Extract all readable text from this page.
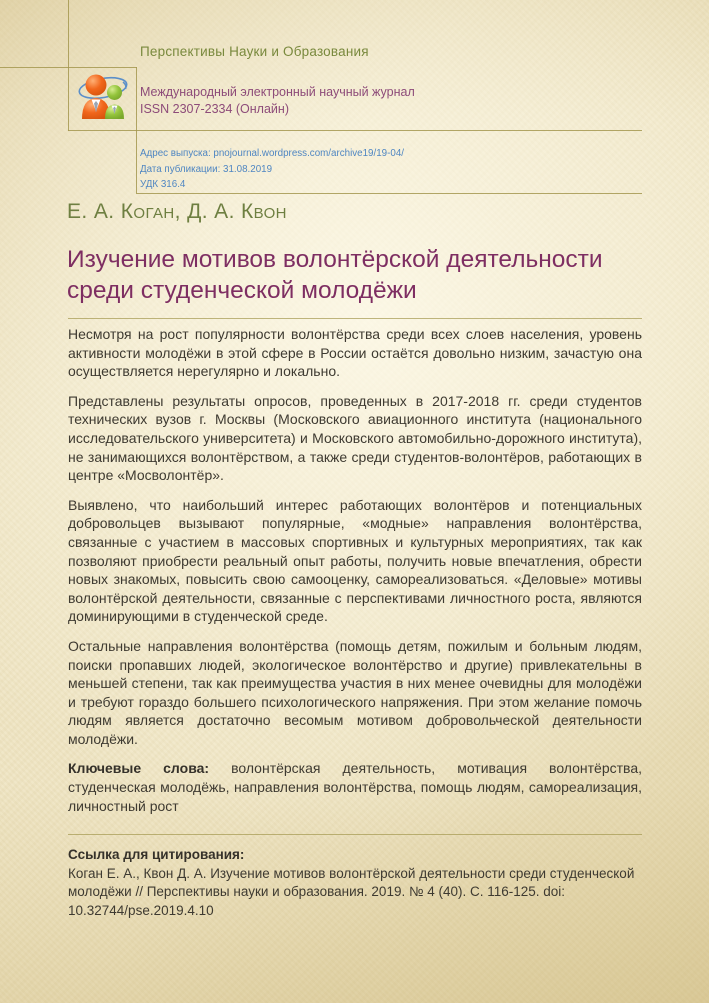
Перспективы Науки и Образования
Международный электронный научный журнал
ISSN 2307-2334 (Онлайн)
Адрес выпуска: pnojournal.wordpress.com/archive19/19-04/
Дата публикации: 31.08.2019
УДК 316.4
Е. А. Коган, Д. А. Квон
Изучение мотивов волонтёрской деятельности среди студенческой молодёжи

Несмотря на рост популярности волонтёрства среди всех слоев населения, уровень активности молодёжи в этой сфере в России остаётся довольно низким, зачастую она осуществляется нерегулярно и локально.

Представлены результаты опросов, проведенных в 2017-2018 гг. среди студентов технических вузов г. Москвы (Московского авиационного института (национального исследовательского университета) и Московского автомобильно-дорожного института), не занимающихся волонтёрством, а также среди студентов-волонтёров, работающих в центре «Мосволонтёр».

Выявлено, что наибольший интерес работающих волонтёров и потенциальных добровольцев вызывают популярные, «модные» направления волонтёрства, связанные с участием в массовых спортивных и культурных мероприятиях, так как позволяют приобрести реальный опыт работы, получить новые впечатления, обрести новых знакомых, повысить свою самооценку, самореализоваться. «Деловые» мотивы волонтёрской деятельности, связанные с перспективами личностного роста, являются доминирующими в студенческой среде.

Остальные направления волонтёрства (помощь детям, пожилым и больным людям, поиски пропавших людей, экологическое волонтёрство и другие) привлекательны в меньшей степени, так как преимущества участия в них менее очевидны для молодёжи и требуют гораздо большего психологического напряжения. При этом желание помочь людям является достаточно весомым мотивом добровольческой деятельности молодёжи.

Ключевые слова: волонтёрская деятельность, мотивация волонтёрства, студенческая молодёжь, направления волонтёрства, помощь людям, самореализация, личностный рост

Ссылка для цитирования:
Коган Е. А., Квон Д. А. Изучение мотивов волонтёрской деятельности среди студенческой молодёжи // Перспективы науки и образования. 2019. № 4 (40). С. 116-125. doi: 10.32744/pse.2019.4.10
